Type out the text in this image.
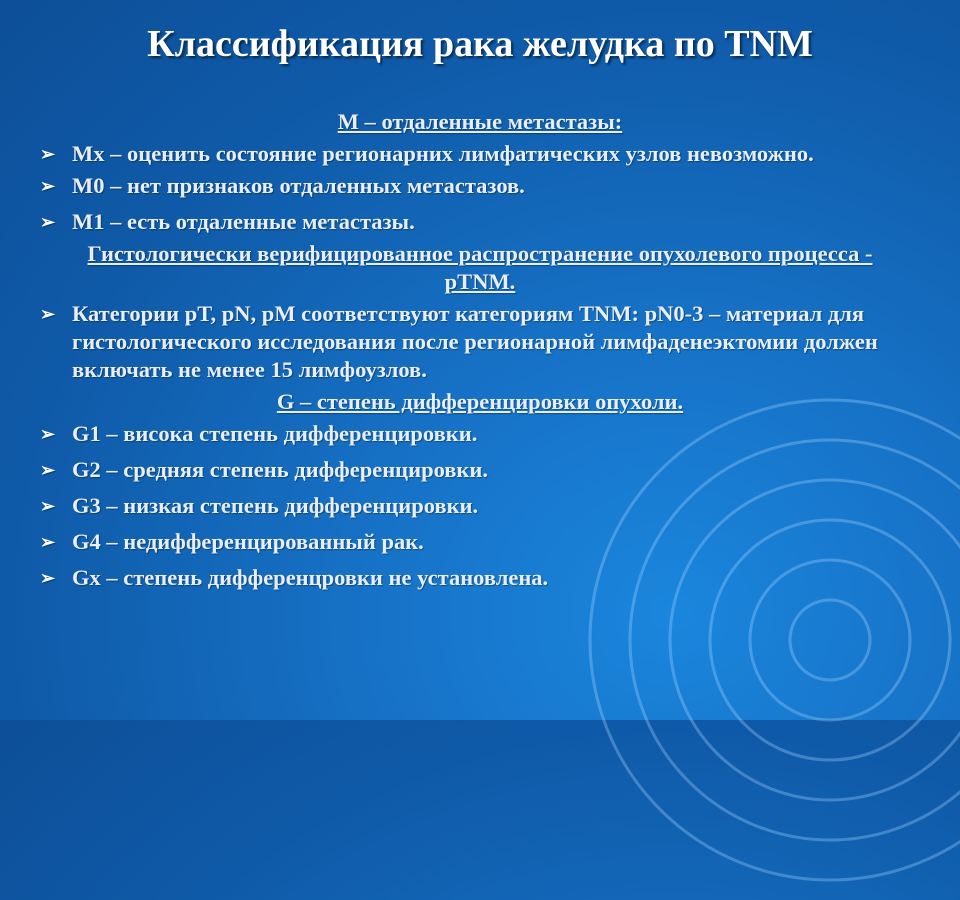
Классификация рака желудка по TNM
M – отдаленные метастазы:
➢ Mx – оценить состояние регионарних лимфатических узлов невозможно.
➢ M0 – нет признаков отдаленных метастазов.
➢ M1 – есть отдаленные метастазы.
Гистологически верифицированное распространение опухолевого процесса - pTNM.
➢ Категории pT, pN, pM соответствуют категориям TNM: pN0-3 – материал для гистологического исследования после регионарной лимфаденеэктомии должен включать не менее 15 лимфоузлов.
G – степень дифференцировки опухоли.
➢ G1 – висока степень дифференцировки.
➢ G2 – средняя степень дифференцировки.
➢ G3 – низкая степень дифференцировки.
➢ G4 – недифференцированный рак.
➢ Gx – степень дифференцровки не установлена.
